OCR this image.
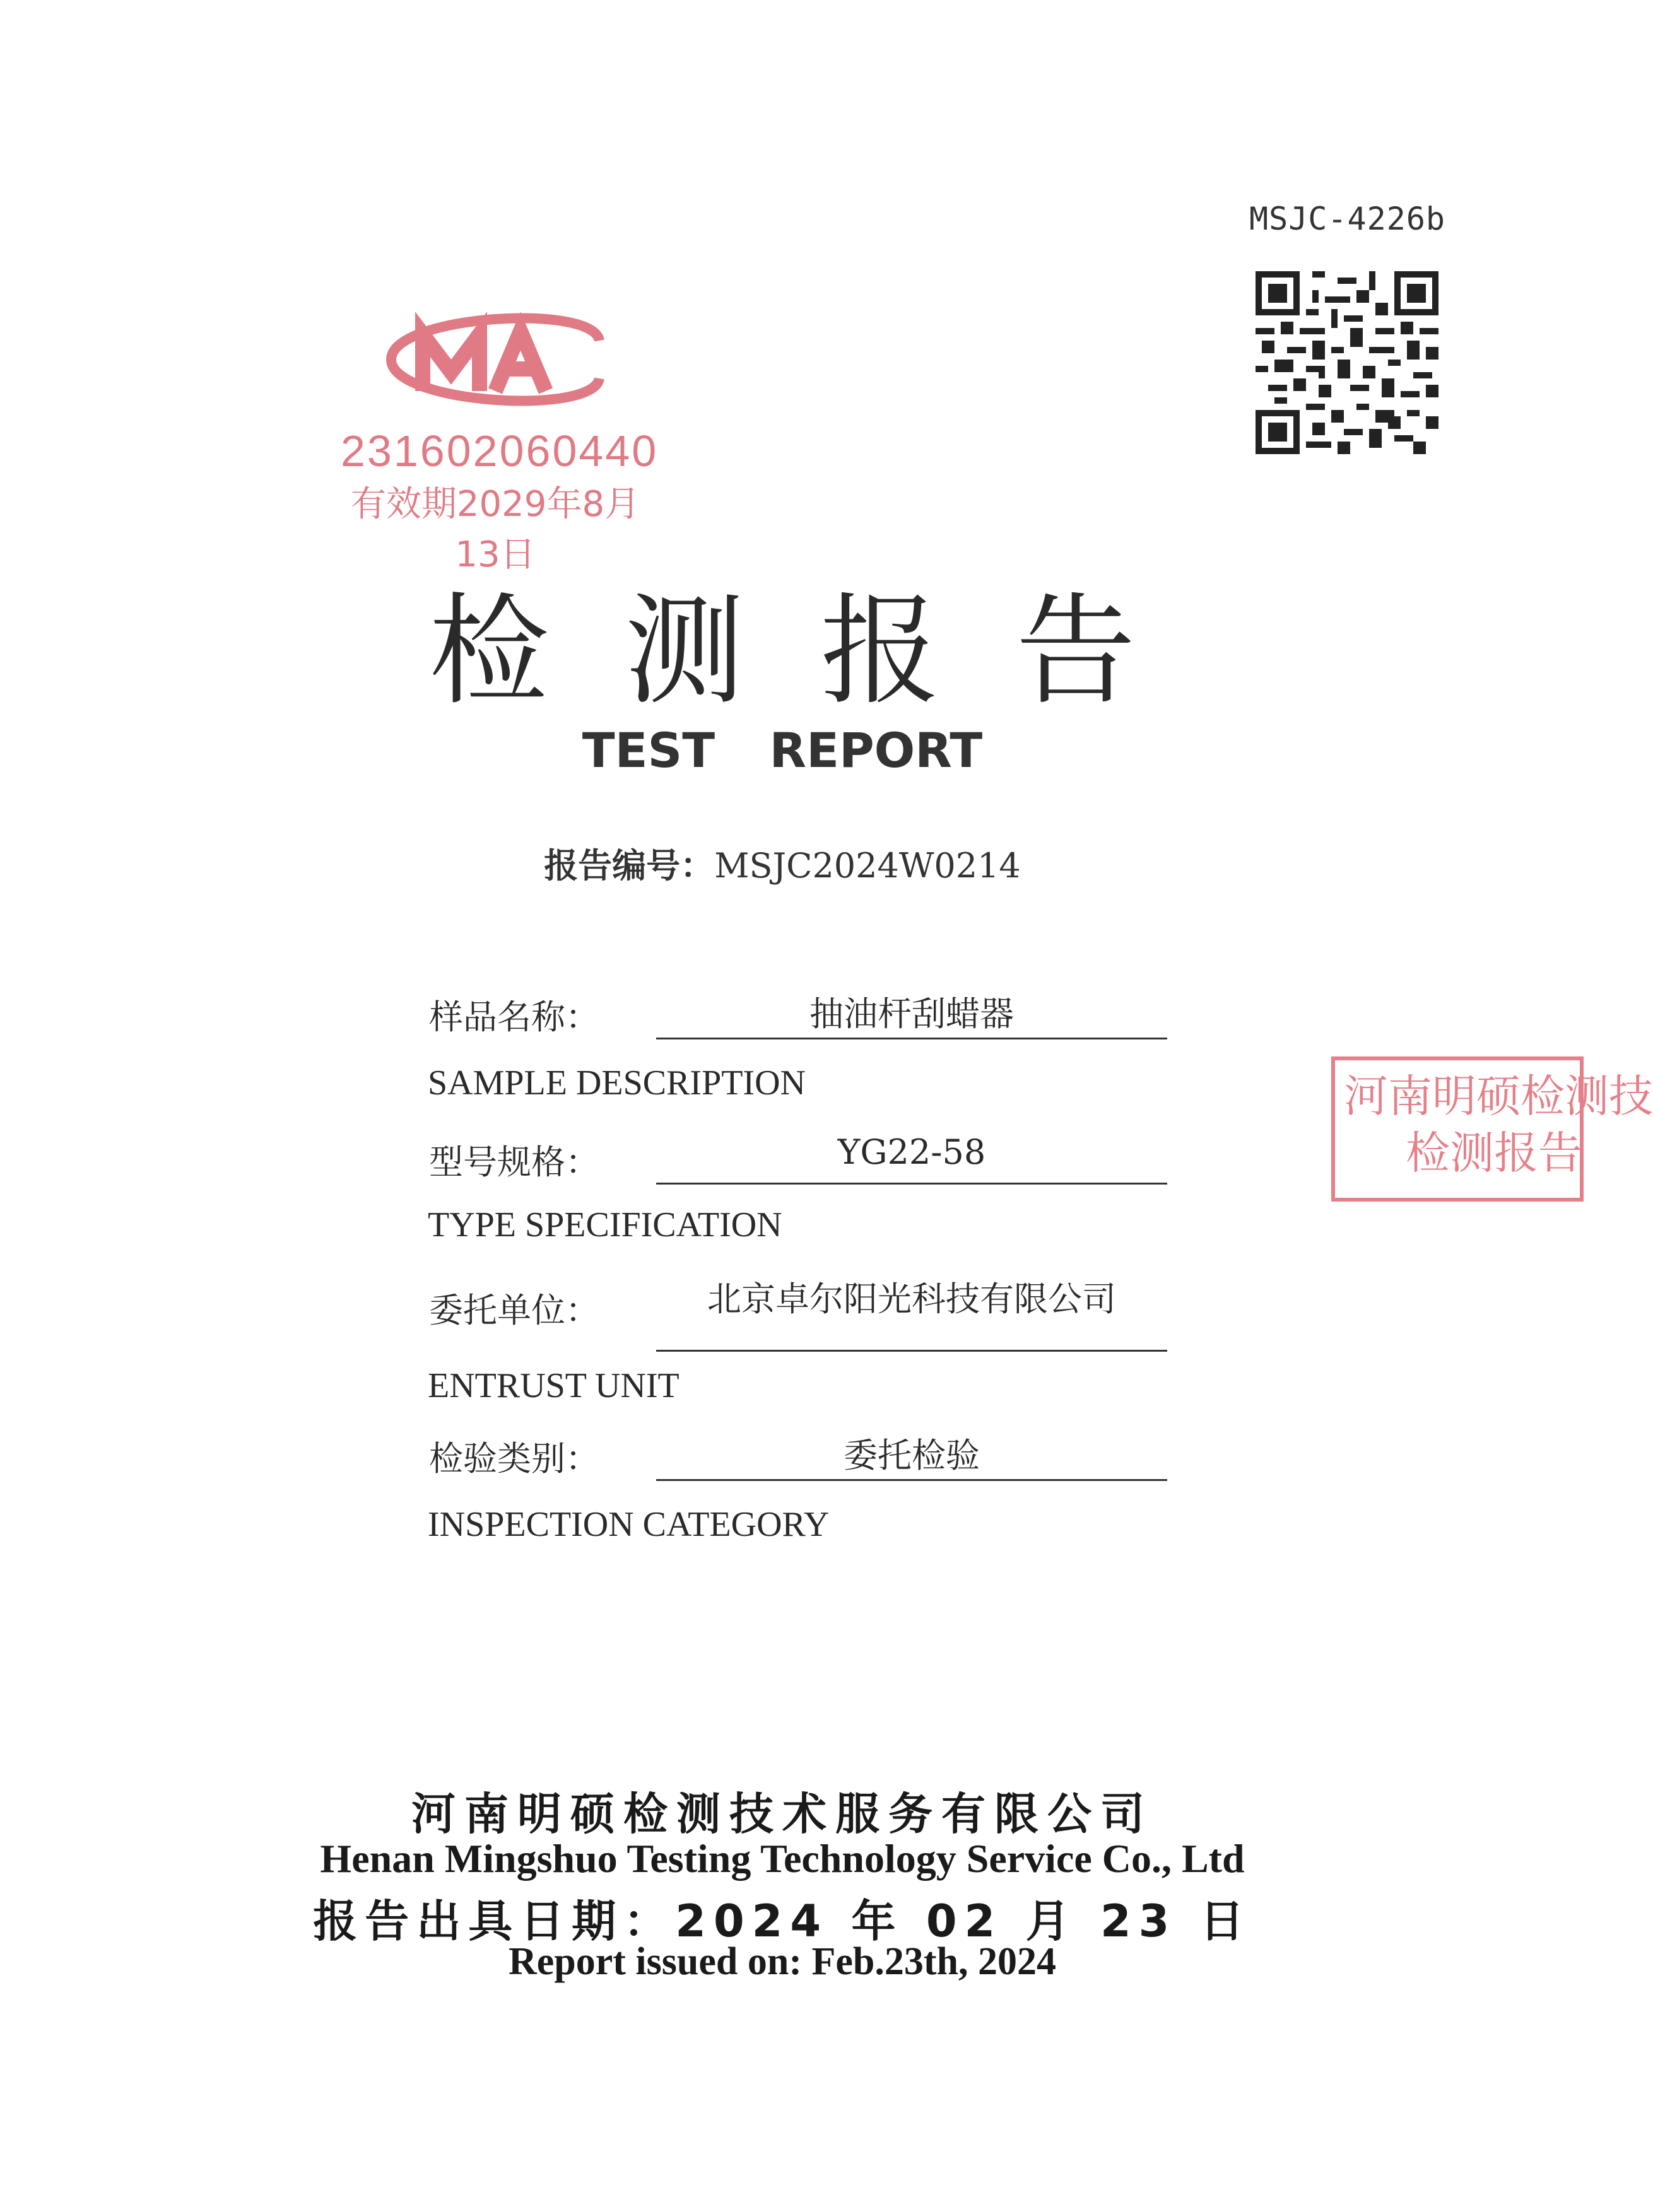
MSJC-4226b
231602060440
有效期2029年8月13日
检测报告
TEST REPORT
报告编号：MSJC2024W0214
样品名称：	抽油杆刮蜡器
SAMPLE DESCRIPTION
型号规格：	YG22-58
TYPE SPECIFICATION
委托单位：	北京卓尔阳光科技有限公司
ENTRUST UNIT
检验类别：	委托检验
INSPECTION CATEGORY
河南明硕检测技
检测报告
河南明硕检测技术服务有限公司
Henan Mingshuo Testing Technology Service Co., Ltd
报告出具日期：2024 年 02 月 23 日
Report issued on: Feb.23th, 2024
